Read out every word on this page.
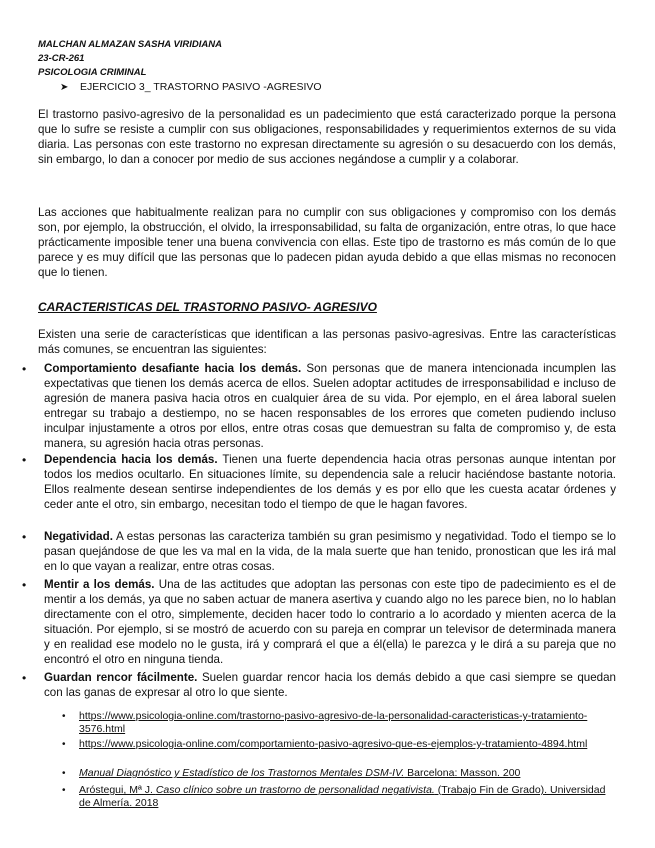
MALCHAN ALMAZAN SASHA VIRIDIANA
23-CR-261
PSICOLOGIA CRIMINAL
➤ EJERCICIO 3_ TRASTORNO PASIVO -AGRESIVO

El trastorno pasivo-agresivo de la personalidad es un padecimiento que está caracterizado porque la persona que lo sufre se resiste a cumplir con sus obligaciones, responsabilidades y requerimientos externos de su vida diaria. Las personas con este trastorno no expresan directamente su agresión o su desacuerdo con los demás, sin embargo, lo dan a conocer por medio de sus acciones negándose a cumplir y a colaborar.

Las acciones que habitualmente realizan para no cumplir con sus obligaciones y compromiso con los demás son, por ejemplo, la obstrucción, el olvido, la irresponsabilidad, su falta de organización, entre otras, lo que hace prácticamente imposible tener una buena convivencia con ellas. Este tipo de trastorno es más común de lo que parece y es muy difícil que las personas que lo padecen pidan ayuda debido a que ellas mismas no reconocen que lo tienen.

CARACTERISTICAS DEL TRASTORNO PASIVO- AGRESIVO

Existen una serie de características que identifican a las personas pasivo-agresivas. Entre las características más comunes, se encuentran las siguientes:

•	Comportamiento desafiante hacia los demás. Son personas que de manera intencionada incumplen las expectativas que tienen los demás acerca de ellos. Suelen adoptar actitudes de irresponsabilidad e incluso de agresión de manera pasiva hacia otros en cualquier área de su vida. Por ejemplo, en el área laboral suelen entregar su trabajo a destiempo, no se hacen responsables de los errores que cometen pudiendo incluso inculpar injustamente a otros por ellos, entre otras cosas que demuestran su falta de compromiso y, de esta manera, su agresión hacia otras personas.

•	Dependencia hacia los demás. Tienen una fuerte dependencia hacia otras personas aunque intentan por todos los medios ocultarlo. En situaciones límite, su dependencia sale a relucir haciéndose bastante notoria. Ellos realmente desean sentirse independientes de los demás y es por ello que les cuesta acatar órdenes y ceder ante el otro, sin embargo, necesitan todo el tiempo de que le hagan favores.

•	Negatividad. A estas personas las caracteriza también su gran pesimismo y negatividad. Todo el tiempo se lo pasan quejándose de que les va mal en la vida, de la mala suerte que han tenido, pronostican que les irá mal en lo que vayan a realizar, entre otras cosas.

•	Mentir a los demás. Una de las actitudes que adoptan las personas con este tipo de padecimiento es el de mentir a los demás, ya que no saben actuar de manera asertiva y cuando algo no les parece bien, no lo hablan directamente con el otro, simplemente, deciden hacer todo lo contrario a lo acordado y mienten acerca de la situación. Por ejemplo, si se mostró de acuerdo con su pareja en comprar un televisor de determinada manera y en realidad ese modelo no le gusta, irá y comprará el que a él(ella) le parezca y le dirá a su pareja que no encontró el otro en ninguna tienda.

•	Guardan rencor fácilmente. Suelen guardar rencor hacia los demás debido a que casi siempre se quedan con las ganas de expresar al otro lo que siente.

• https://www.psicologia-online.com/trastorno-pasivo-agresivo-de-la-personalidad-caracteristicas-y-tratamiento-3576.html

• https://www.psicologia-online.com/comportamiento-pasivo-agresivo-que-es-ejemplos-y-tratamiento-4894.html

• Manual Diagnóstico y Estadístico de los Trastornos Mentales DSM-IV. Barcelona: Masson. 200

• Aróstegui, Mª J. Caso clínico sobre un trastorno de personalidad negativista. (Trabajo Fin de Grado). Universidad de Almería. 2018
